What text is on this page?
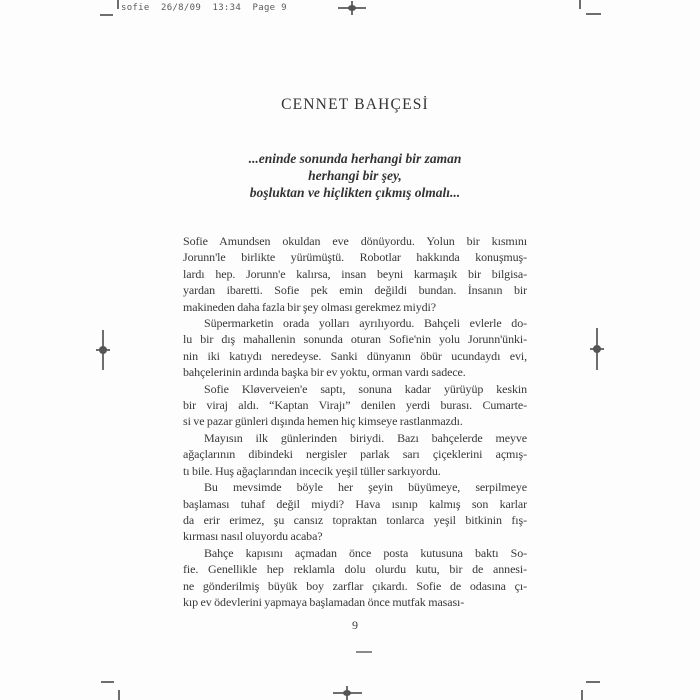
sofie  26/8/09  13:34  Page 9
CENNET BAHÇESİ
...eninde sonunda herhangi bir zaman
herhangi bir şey,
boşluktan ve hiçlikten çıkmış olmalı...
Sofie Amundsen okuldan eve dönüyordu. Yolun bir kısmını
Jorunn'le birlikte yürümüştü. Robotlar hakkında konuşmuş-
lardı hep. Jorunn'e kalırsa, insan beyni karmaşık bir bilgisa-
yardan ibaretti. Sofie pek emin değildi bundan. İnsanın bir
makineden daha fazla bir şey olması gerekmez miydi?
Süpermarketin orada yolları ayrılıyordu. Bahçeli evlerle do-
lu bir dış mahallenin sonunda oturan Sofie'nin yolu Jorunn'ünki-
nin iki katıydı neredeyse. Sanki dünyanın öbür ucundaydı evi,
bahçelerinin ardında başka bir ev yoktu, orman vardı sadece.
Sofie Kløverveien'e saptı, sonuna kadar yürüyüp keskin
bir viraj aldı. “Kaptan Virajı” denilen yerdi burası. Cumarte-
si ve pazar günleri dışında hemen hiç kimseye rastlanmazdı.
Mayısın ilk günlerinden biriydi. Bazı bahçelerde meyve
ağaçlarının dibindeki nergisler parlak sarı çiçeklerini açmış-
tı bile. Huş ağaçlarından incecik yeşil tüller sarkıyordu.
Bu mevsimde böyle her şeyin büyümeye, serpilmeye
başlaması tuhaf değil miydi? Hava ısınıp kalmış son karlar
da erir erimez, şu cansız topraktan tonlarca yeşil bitkinin fış-
kırması nasıl oluyordu acaba?
Bahçe kapısını açmadan önce posta kutusuna baktı So-
fie. Genellikle hep reklamla dolu olurdu kutu, bir de annesi-
ne gönderilmiş büyük boy zarflar çıkardı. Sofie de odasına çı-
kıp ev ödevlerini yapmaya başlamadan önce mutfak masası-
9
